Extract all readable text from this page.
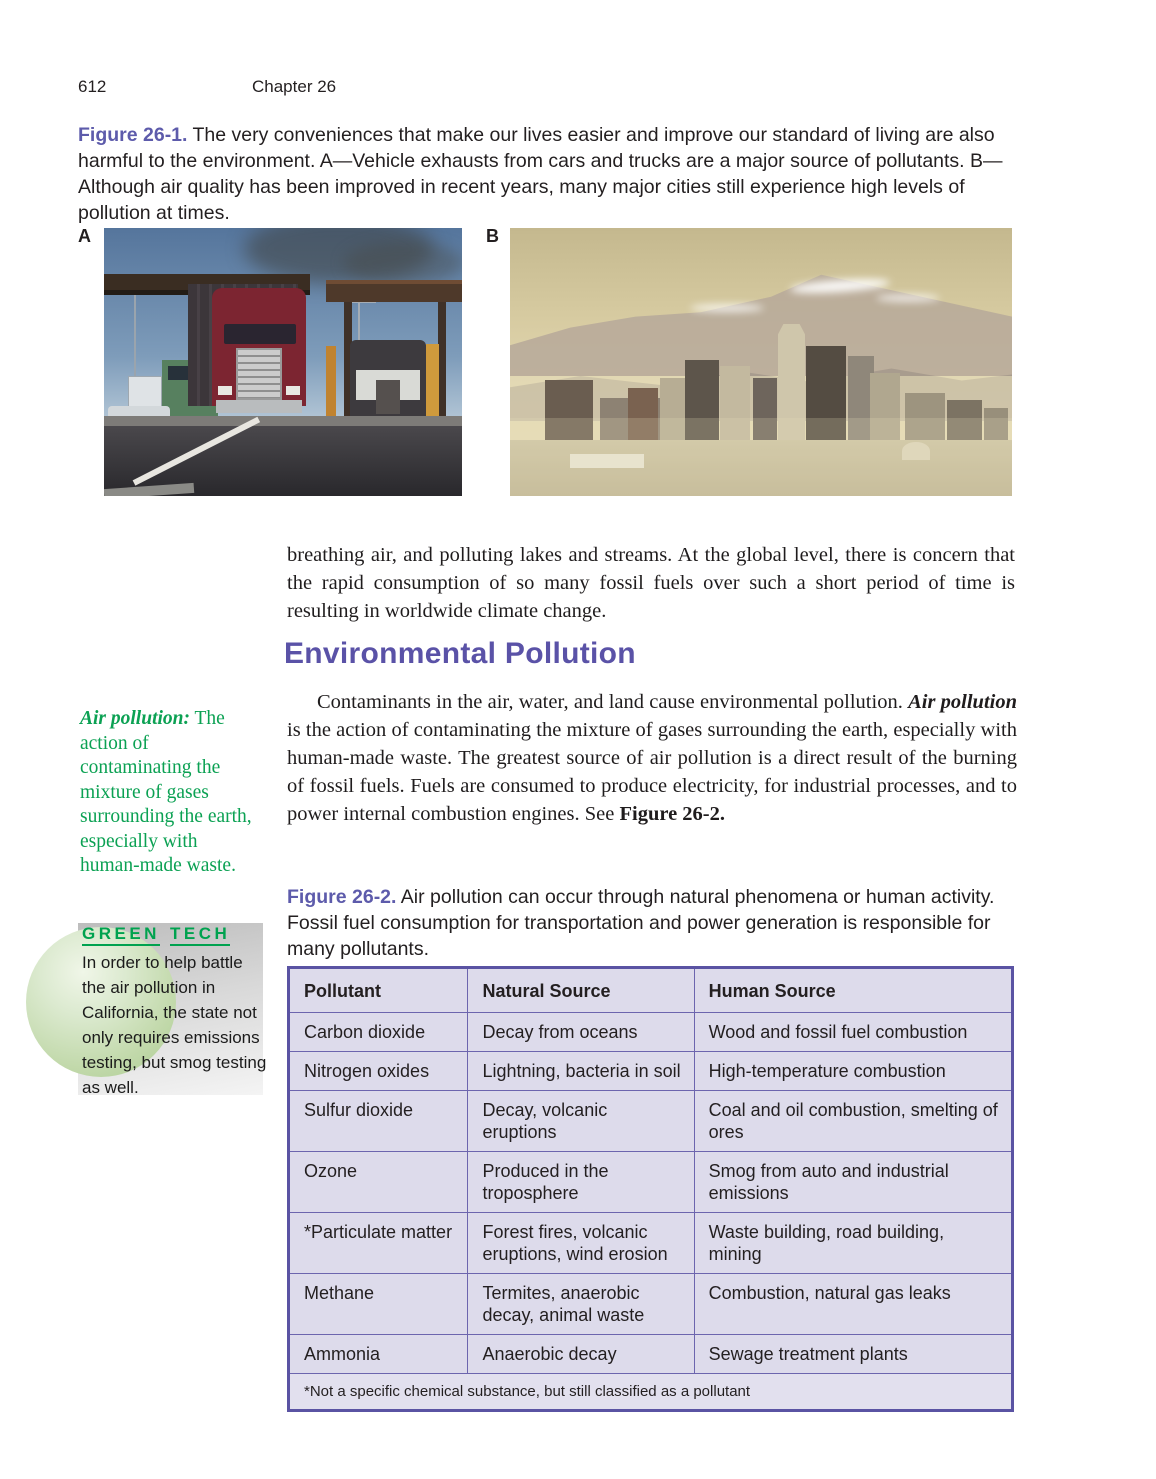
612	Chapter 26
Figure 26-1. The very conveniences that make our lives easier and improve our standard of living are also harmful to the environment. A—Vehicle exhausts from cars and trucks are a major source of pollutants. B—Although air quality has been improved in recent years, many major cities still experience high levels of pollution at times.
A	B
breathing air, and polluting lakes and streams. At the global level, there is concern that the rapid consumption of so many fossil fuels over such a short period of time is resulting in worldwide climate change.
Environmental Pollution
Contaminants in the air, water, and land cause environmental pollution. Air pollution is the action of contaminating the mixture of gases surrounding the earth, especially with human-made waste. The greatest source of air pollution is a direct result of the burning of fossil fuels. Fuels are consumed to produce electricity, for industrial processes, and to power internal combustion engines. See Figure 26-2.
Air pollution: The action of contaminating the mixture of gases surrounding the earth, especially with human-made waste.
GREEN TECH
In order to help battle the air pollution in California, the state not only requires emissions testing, but smog testing as well.
Figure 26-2. Air pollution can occur through natural phenomena or human activity. Fossil fuel consumption for transportation and power generation is responsible for many pollutants.
Pollutant	Natural Source	Human Source
Carbon dioxide	Decay from oceans	Wood and fossil fuel combustion
Nitrogen oxides	Lightning, bacteria in soil	High-temperature combustion
Sulfur dioxide	Decay, volcanic eruptions	Coal and oil combustion, smelting of ores
Ozone	Produced in the troposphere	Smog from auto and industrial emissions
*Particulate matter	Forest fires, volcanic eruptions, wind erosion	Waste building, road building, mining
Methane	Termites, anaerobic decay, animal waste	Combustion, natural gas leaks
Ammonia	Anaerobic decay	Sewage treatment plants
*Not a specific chemical substance, but still classified as a pollutant		
